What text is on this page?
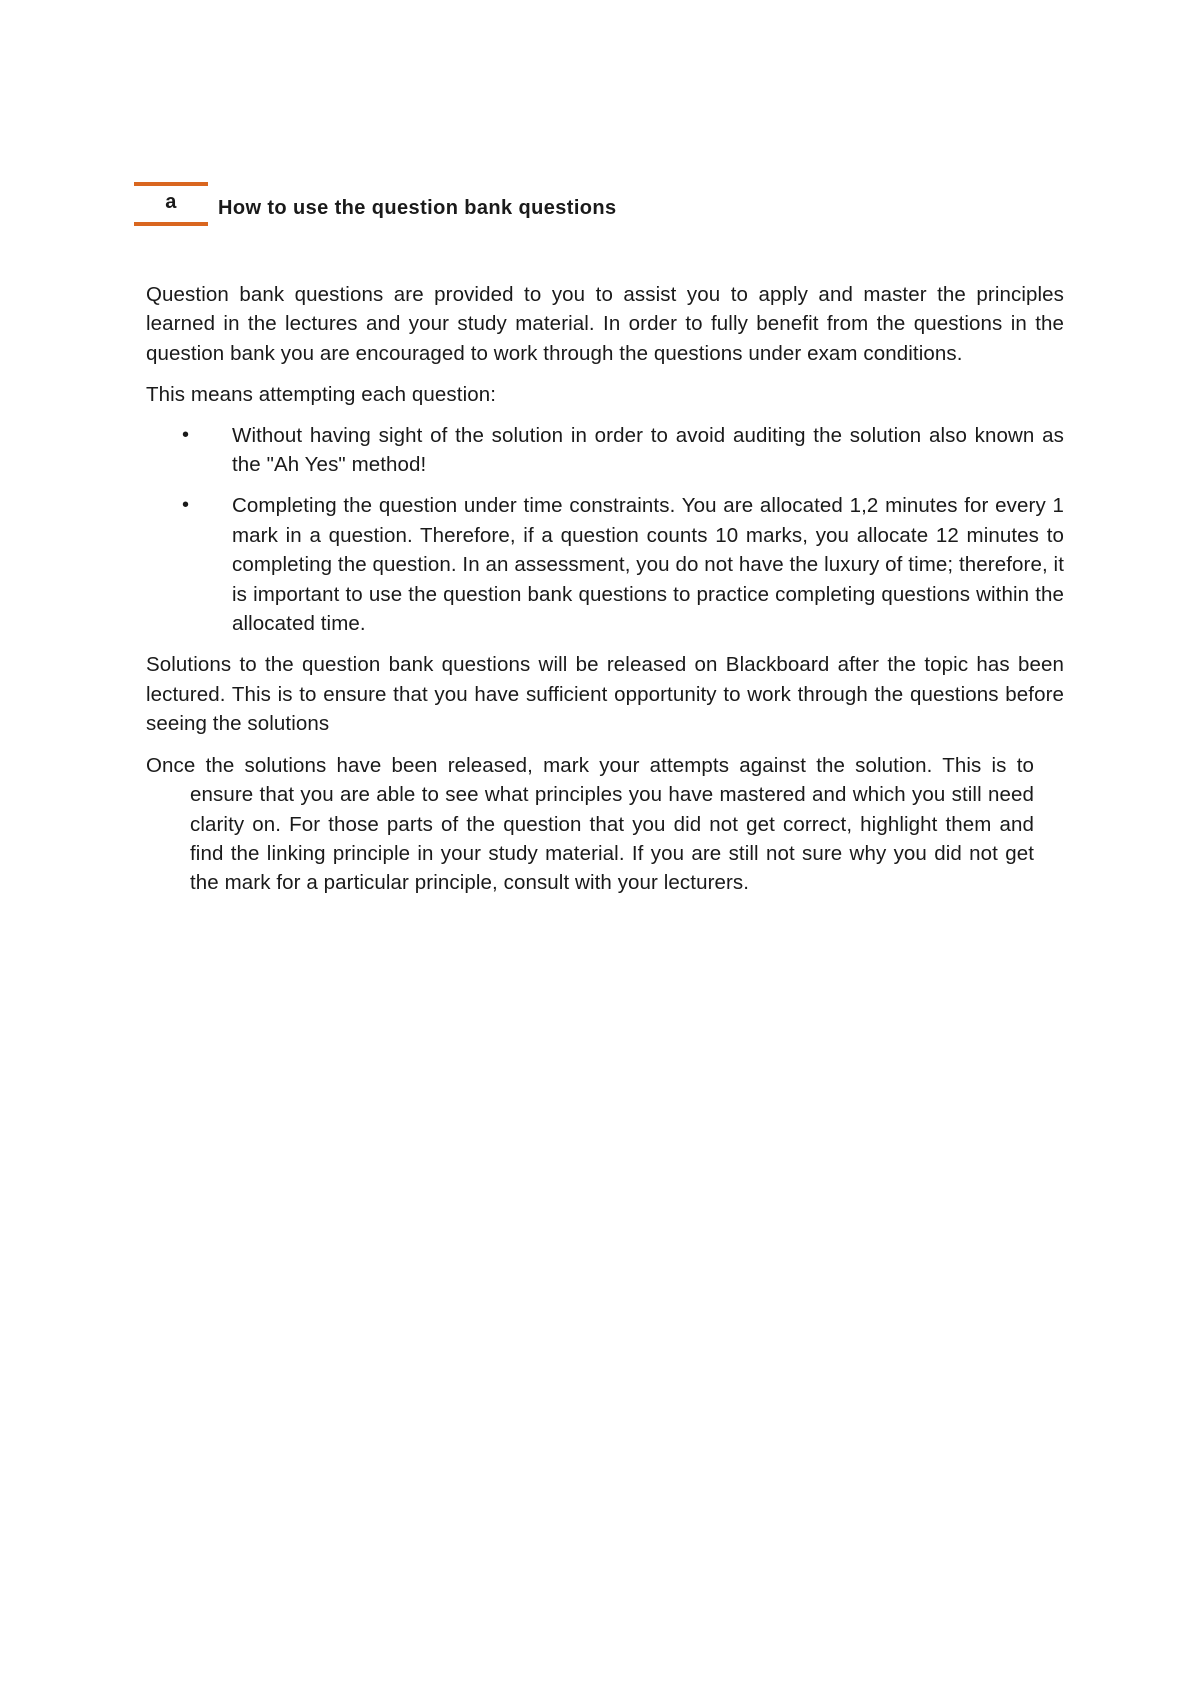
a	How to use the question bank questions

Question bank questions are provided to you to assist you to apply and master the principles learned in the lectures and your study material. In order to fully benefit from the questions in the question bank you are encouraged to work through the questions under exam conditions.

This means attempting each question:

• Without having sight of the solution in order to avoid auditing the solution also known as the "Ah Yes" method!
• Completing the question under time constraints. You are allocated 1,2 minutes for every 1 mark in a question. Therefore, if a question counts 10 marks, you allocate 12 minutes to completing the question. In an assessment, you do not have the luxury of time; therefore, it is important to use the question bank questions to practice completing questions within the allocated time.

Solutions to the question bank questions will be released on Blackboard after the topic has been lectured. This is to ensure that you have sufficient opportunity to work through the questions before seeing the solutions

Once the solutions have been released, mark your attempts against the solution. This is to ensure that you are able to see what principles you have mastered and which you still need clarity on. For those parts of the question that you did not get correct, highlight them and find the linking principle in your study material. If you are still not sure why you did not get the mark for a particular principle, consult with your lecturers.
